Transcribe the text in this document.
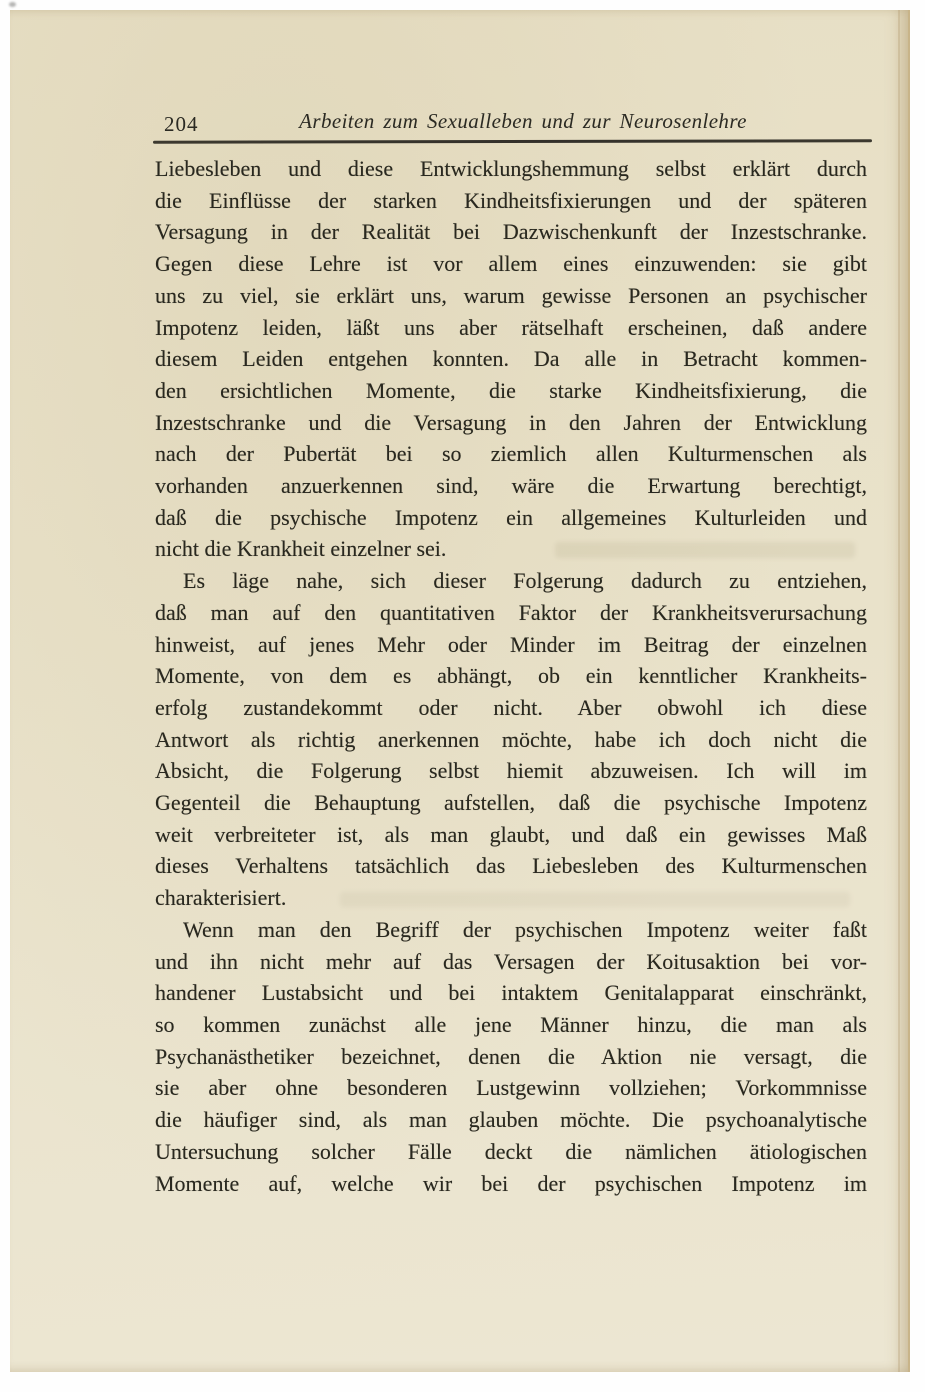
204	Arbeiten zum Sexualleben und zur Neurosenlehre
Liebesleben und diese Entwicklungshemmung selbst erklärt durch
die Einflüsse der starken Kindheitsfixierungen und der späteren
Versagung in der Realität bei Dazwischenkunft der Inzestschranke.
Gegen diese Lehre ist vor allem eines einzuwenden: sie gibt
uns zu viel, sie erklärt uns, warum gewisse Personen an psychischer
Impotenz leiden, läßt uns aber rätselhaft erscheinen, daß andere
diesem Leiden entgehen konnten. Da alle in Betracht kommen-
den ersichtlichen Momente, die starke Kindheitsfixierung, die
Inzestschranke und die Versagung in den Jahren der Entwicklung
nach der Pubertät bei so ziemlich allen Kulturmenschen als
vorhanden anzuerkennen sind, wäre die Erwartung berechtigt,
daß die psychische Impotenz ein allgemeines Kulturleiden und
nicht die Krankheit einzelner sei.
Es läge nahe, sich dieser Folgerung dadurch zu entziehen,
daß man auf den quantitativen Faktor der Krankheitsverursachung
hinweist, auf jenes Mehr oder Minder im Beitrag der einzelnen
Momente, von dem es abhängt, ob ein kenntlicher Krankheits-
erfolg zustandekommt oder nicht. Aber obwohl ich diese
Antwort als richtig anerkennen möchte, habe ich doch nicht die
Absicht, die Folgerung selbst hiemit abzuweisen. Ich will im
Gegenteil die Behauptung aufstellen, daß die psychische Impotenz
weit verbreiteter ist, als man glaubt, und daß ein gewisses Maß
dieses Verhaltens tatsächlich das Liebesleben des Kulturmenschen
charakterisiert.
Wenn man den Begriff der psychischen Impotenz weiter faßt
und ihn nicht mehr auf das Versagen der Koitusaktion bei vor-
handener Lustabsicht und bei intaktem Genitalapparat einschränkt,
so kommen zunächst alle jene Männer hinzu, die man als
Psychanästhetiker bezeichnet, denen die Aktion nie versagt, die
sie aber ohne besonderen Lustgewinn vollziehen; Vorkommnisse
die häufiger sind, als man glauben möchte. Die psychoanalytische
Untersuchung solcher Fälle deckt die nämlichen ätiologischen
Momente auf, welche wir bei der psychischen Impotenz im
